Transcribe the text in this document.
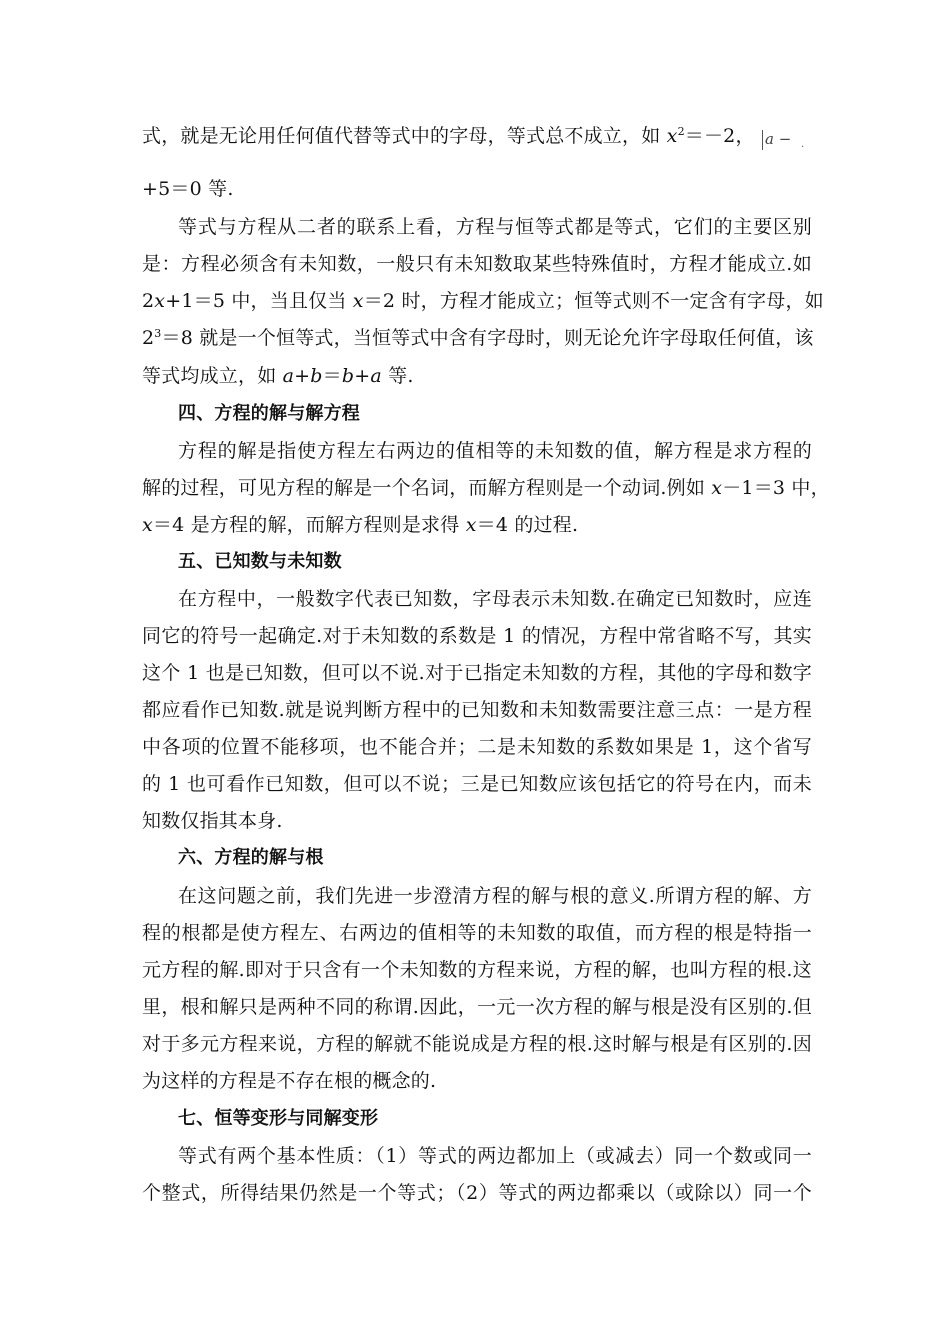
式，就是无论用任何值代替等式中的字母，等式总不成立，如 $x^2=-2$， a − .
+5＝0 等.
等式与方程从二者的联系上看，方程与恒等式都是等式，它们的主要区别
是：方程必须含有未知数，一般只有未知数取某些特殊值时，方程才能成立.如
2x+1＝5 中，当且仅当 x＝2 时，方程才能成立；恒等式则不一定含有字母，如
$2^3=8$ 就是一个恒等式，当恒等式中含有字母时，则无论允许字母取任何值，该
等式均成立，如 a+b＝b+a 等.
四、方程的解与解方程
方程的解是指使方程左右两边的值相等的未知数的值，解方程是求方程的
解的过程，可见方程的解是一个名词，而解方程则是一个动词.例如 x－1＝3 中，
x＝4 是方程的解，而解方程则是求得 x＝4 的过程.
五、已知数与未知数
在方程中，一般数字代表已知数，字母表示未知数.在确定已知数时，应连
同它的符号一起确定.对于未知数的系数是 1 的情况，方程中常省略不写，其实
这个 1 也是已知数，但可以不说.对于已指定未知数的方程，其他的字母和数字
都应看作已知数.就是说判断方程中的已知数和未知数需要注意三点：一是方程
中各项的位置不能移项，也不能合并；二是未知数的系数如果是 1，这个省写
的 1 也可看作已知数，但可以不说；三是已知数应该包括它的符号在内，而未
知数仅指其本身.
六、方程的解与根
在这问题之前，我们先进一步澄清方程的解与根的意义.所谓方程的解、方
程的根都是使方程左、右两边的值相等的未知数的取值，而方程的根是特指一
元方程的解.即对于只含有一个未知数的方程来说，方程的解，也叫方程的根.这
里，根和解只是两种不同的称谓.因此，一元一次方程的解与根是没有区别的.但
对于多元方程来说，方程的解就不能说成是方程的根.这时解与根是有区别的.因
为这样的方程是不存在根的概念的.
七、恒等变形与同解变形
等式有两个基本性质：（1）等式的两边都加上（或减去）同一个数或同一
个整式，所得结果仍然是一个等式；（2）等式的两边都乘以（或除以）同一个
